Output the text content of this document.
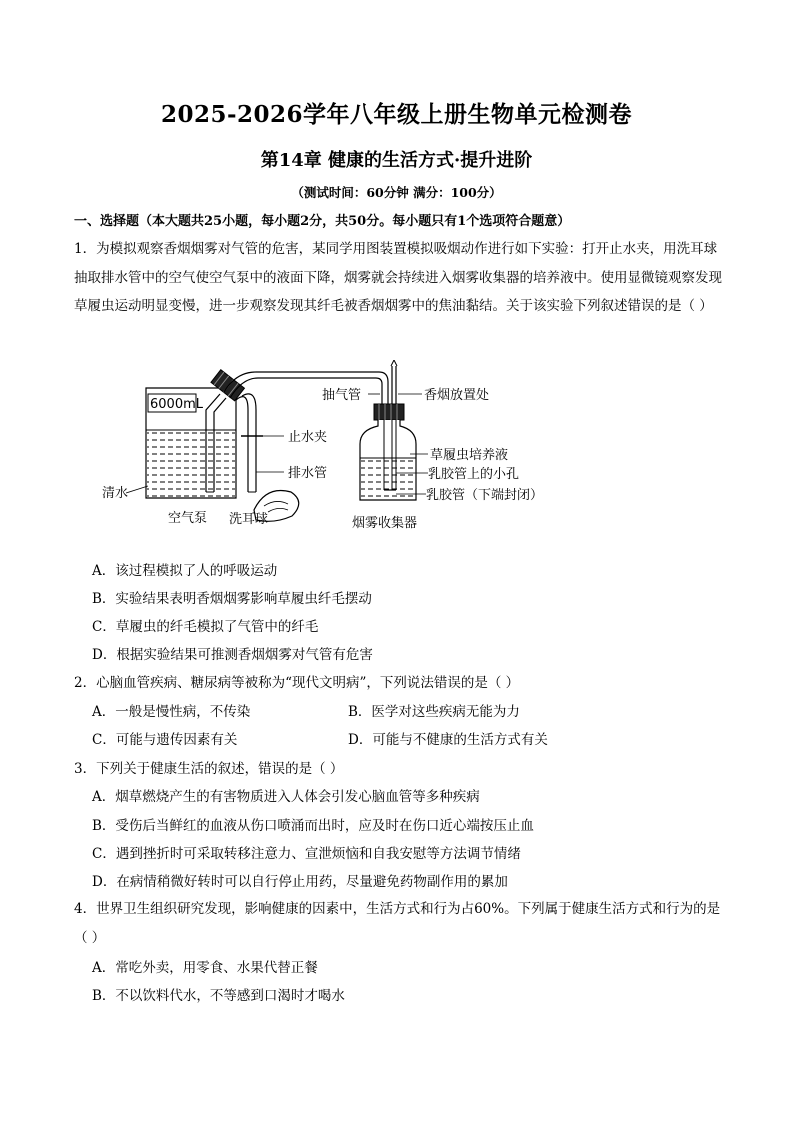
2025-2026学年八年级上册生物单元检测卷
第14章 健康的生活方式·提升进阶
（测试时间：60分钟 满分：100分）
一、选择题（本大题共25小题，每小题2分，共50分。每小题只有1个选项符合题意）
1．为模拟观察香烟烟雾对气管的危害，某同学用图装置模拟吸烟动作进行如下实验：打开止水夹，用洗耳球抽取排水管中的空气使空气泵中的液面下降，烟雾就会持续进入烟雾收集器的培养液中。使用显微镜观察发现草履虫运动明显变慢，进一步观察发现其纤毛被香烟烟雾中的焦油黏结。关于该实验下列叙述错误的是（ ）
6000mL
止水夹
排水管
清水
空气泵 洗耳球
抽气管	香烟放置处
草履虫培养液
乳胶管上的小孔
乳胶管（下端封闭）
烟雾收集器
A．该过程模拟了人的呼吸运动
B．实验结果表明香烟烟雾影响草履虫纤毛摆动
C．草履虫的纤毛模拟了气管中的纤毛
D．根据实验结果可推测香烟烟雾对气管有危害
2．心脑血管疾病、糖尿病等被称为“现代文明病”，下列说法错误的是（ ）
A．一般是慢性病，不传染	B．医学对这些疾病无能为力
C．可能与遗传因素有关	D．可能与不健康的生活方式有关
3．下列关于健康生活的叙述，错误的是（ ）
A．烟草燃烧产生的有害物质进入人体会引发心脑血管等多种疾病
B．受伤后当鲜红的血液从伤口喷涌而出时，应及时在伤口近心端按压止血
C．遇到挫折时可采取转移注意力、宣泄烦恼和自我安慰等方法调节情绪
D．在病情稍微好转时可以自行停止用药，尽量避免药物副作用的累加
4．世界卫生组织研究发现，影响健康的因素中，生活方式和行为占60%。下列属于健康生活方式和行为的是（ ）
A．常吃外卖，用零食、水果代替正餐
B．不以饮料代水，不等感到口渴时才喝水
